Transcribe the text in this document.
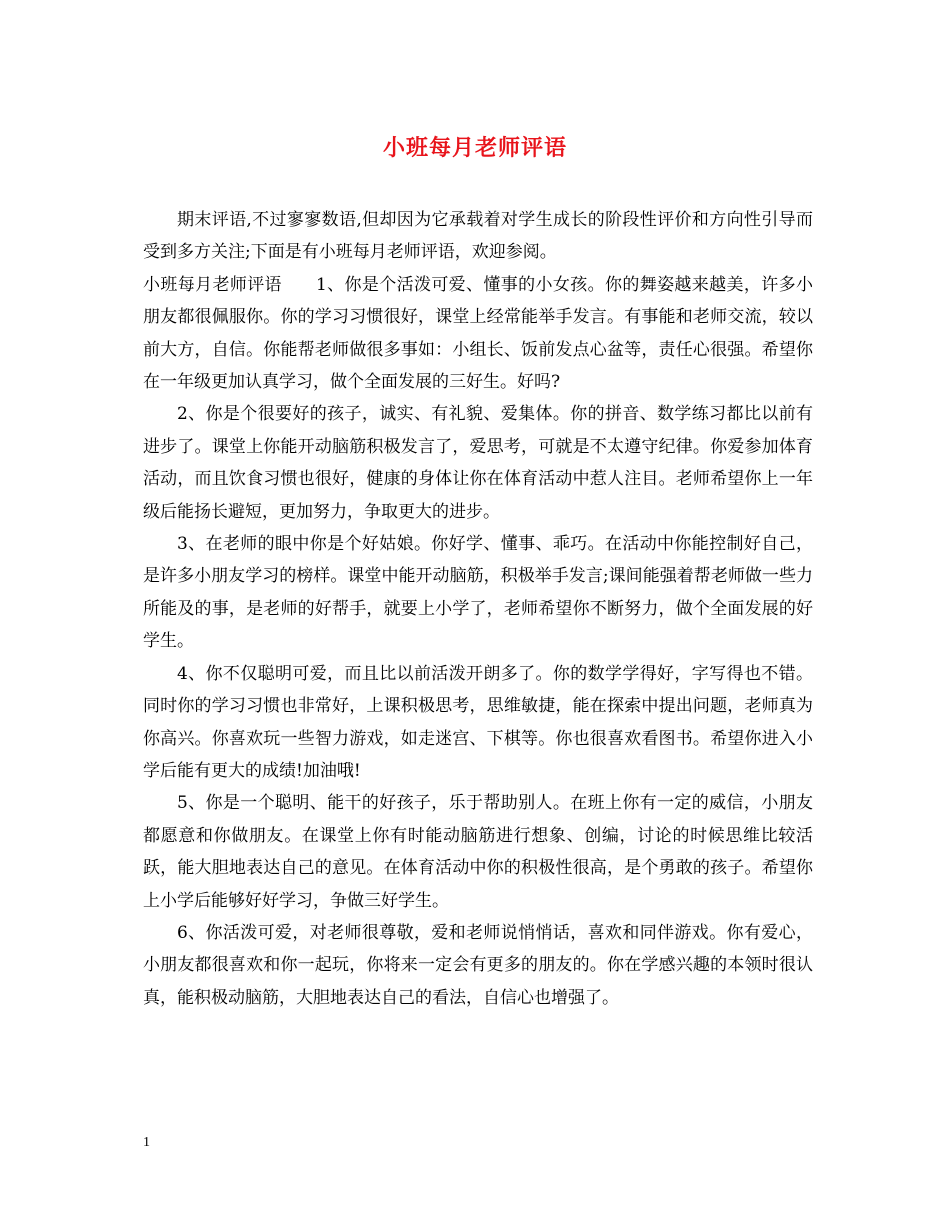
小班每月老师评语

期末评语,不过寥寥数语,但却因为它承载着对学生成长的阶段性评价和方向性引导而受到多方关注;下面是有小班每月老师评语，欢迎参阅。

小班每月老师评语 1、你是个活泼可爱、懂事的小女孩。你的舞姿越来越美，许多小朋友都很佩服你。你的学习习惯很好，课堂上经常能举手发言。有事能和老师交流，较以前大方，自信。你能帮老师做很多事如：小组长、饭前发点心盆等，责任心很强。希望你在一年级更加认真学习，做个全面发展的三好生。好吗?

2、你是个很要好的孩子，诚实、有礼貌、爱集体。你的拼音、数学练习都比以前有进步了。课堂上你能开动脑筋积极发言了，爱思考，可就是不太遵守纪律。你爱参加体育活动，而且饮食习惯也很好，健康的身体让你在体育活动中惹人注目。老师希望你上一年级后能扬长避短，更加努力，争取更大的进步。

3、在老师的眼中你是个好姑娘。你好学、懂事、乖巧。在活动中你能控制好自己，是许多小朋友学习的榜样。课堂中能开动脑筋，积极举手发言;课间能强着帮老师做一些力所能及的事，是老师的好帮手，就要上小学了，老师希望你不断努力，做个全面发展的好学生。

4、你不仅聪明可爱，而且比以前活泼开朗多了。你的数学学得好，字写得也不错。同时你的学习习惯也非常好，上课积极思考，思维敏捷，能在探索中提出问题，老师真为你高兴。你喜欢玩一些智力游戏，如走迷宫、下棋等。你也很喜欢看图书。希望你进入小学后能有更大的成绩!加油哦!

5、你是一个聪明、能干的好孩子，乐于帮助别人。在班上你有一定的威信，小朋友都愿意和你做朋友。在课堂上你有时能动脑筋进行想象、创编，讨论的时候思维比较活跃，能大胆地表达自己的意见。在体育活动中你的积极性很高，是个勇敢的孩子。希望你上小学后能够好好学习，争做三好学生。

6、你活泼可爱，对老师很尊敬，爱和老师说悄悄话，喜欢和同伴游戏。你有爱心，小朋友都很喜欢和你一起玩，你将来一定会有更多的朋友的。你在学感兴趣的本领时很认真，能积极动脑筋，大胆地表达自己的看法，自信心也增强了。

1
